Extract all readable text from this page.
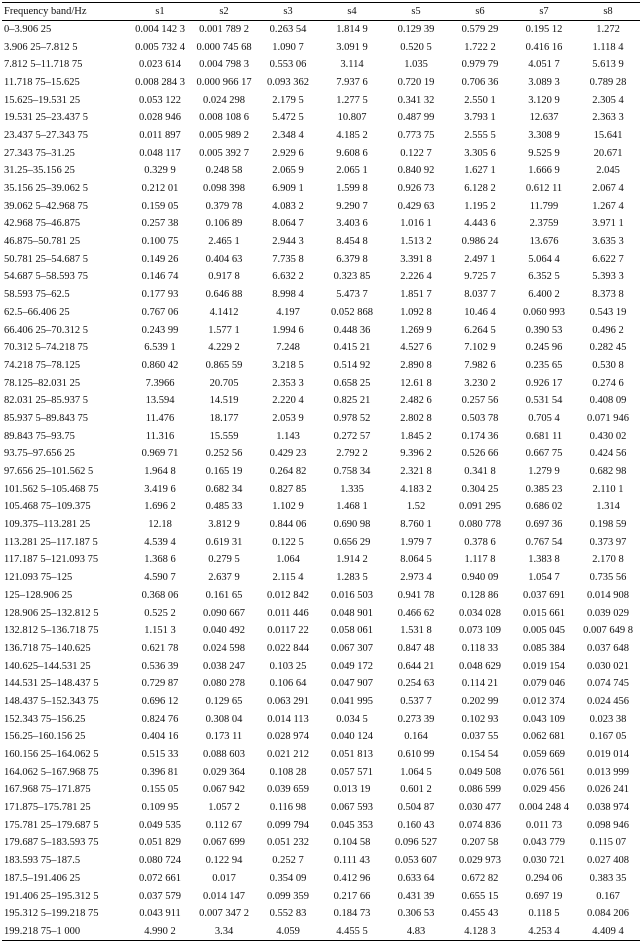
Frequency band/Hz	s1	s2	s3	s4	s5	s6	s7	s8
0–3.906 25	0.004 142 3	0.001 789 2	0.263 54	1.814 9	0.129 39	0.579 29	0.195 12	1.272
3.906 25–7.812 5	0.005 732 4	0.000 745 68	1.090 7	3.091 9	0.520 5	1.722 2	0.416 16	1.118 4
7.812 5–11.718 75	0.023 614	0.004 798 3	0.553 06	3.114	1.035	0.979 79	4.051 7	5.613 9
11.718 75–15.625	0.008 284 3	0.000 966 17	0.093 362	7.937 6	0.720 19	0.706 36	3.089 3	0.789 28
15.625–19.531 25	0.053 122	0.024 298	2.179 5	1.277 5	0.341 32	2.550 1	3.120 9	2.305 4
19.531 25–23.437 5	0.028 946	0.008 108 6	5.472 5	10.807	0.487 99	3.793 1	12.637	2.363 3
23.437 5–27.343 75	0.011 897	0.005 989 2	2.348 4	4.185 2	0.773 75	2.555 5	3.308 9	15.641
27.343 75–31.25	0.048 117	0.005 392 7	2.929 6	9.608 6	0.122 7	3.305 6	9.525 9	20.671
31.25–35.156 25	0.329 9	0.248 58	2.065 9	2.065 1	0.840 92	1.627 1	1.666 9	2.045
35.156 25–39.062 5	0.212 01	0.098 398	6.909 1	1.599 8	0.926 73	6.128 2	0.612 11	2.067 4
39.062 5–42.968 75	0.159 05	0.379 78	4.083 2	9.290 7	0.429 63	1.195 2	11.799	1.267 4
42.968 75–46.875	0.257 38	0.106 89	8.064 7	3.403 6	1.016 1	4.443 6	2.3759	3.971 1
46.875–50.781 25	0.100 75	2.465 1	2.944 3	8.454 8	1.513 2	0.986 24	13.676	3.635 3
50.781 25–54.687 5	0.149 26	0.404 63	7.735 8	6.379 8	3.391 8	2.497 1	5.064 4	6.622 7
54.687 5–58.593 75	0.146 74	0.917 8	6.632 2	0.323 85	2.226 4	9.725 7	6.352 5	5.393 3
58.593 75–62.5	0.177 93	0.646 88	8.998 4	5.473 7	1.851 7	8.037 7	6.400 2	8.373 8
62.5–66.406 25	0.767 06	4.1412	4.197	0.052 868	1.092 8	10.46 4	0.060 993	0.543 19
66.406 25–70.312 5	0.243 99	1.577 1	1.994 6	0.448 36	1.269 9	6.264 5	0.390 53	0.496 2
70.312 5–74.218 75	6.539 1	4.229 2	7.248	0.415 21	4.527 6	7.102 9	0.245 96	0.282 45
74.218 75–78.125	0.860 42	0.865 59	3.218 5	0.514 92	2.890 8	7.982 6	0.235 65	0.530 8
78.125–82.031 25	7.3966	20.705	2.353 3	0.658 25	12.61 8	3.230 2	0.926 17	0.274 6
82.031 25–85.937 5	13.594	14.519	2.220 4	0.825 21	2.482 6	0.257 56	0.531 54	0.408 09
85.937 5–89.843 75	11.476	18.177	2.053 9	0.978 52	2.802 8	0.503 78	0.705 4	0.071 946
89.843 75–93.75	11.316	15.559	1.143	0.272 57	1.845 2	0.174 36	0.681 11	0.430 02
93.75–97.656 25	0.969 71	0.252 56	0.429 23	2.792 2	9.396 2	0.526 66	0.667 75	0.424 56
97.656 25–101.562 5	1.964 8	0.165 19	0.264 82	0.758 34	2.321 8	0.341 8	1.279 9	0.682 98
101.562 5–105.468 75	3.419 6	0.682 34	0.827 85	1.335	4.183 2	0.304 25	0.385 23	2.110 1
105.468 75–109.375	1.696 2	0.485 33	1.102 9	1.468 1	1.52	0.091 295	0.686 02	1.314
109.375–113.281 25	12.18	3.812 9	0.844 06	0.690 98	8.760 1	0.080 778	0.697 36	0.198 59
113.281 25–117.187 5	4.539 4	0.619 31	0.122 5	0.656 29	1.979 7	0.378 6	0.767 54	0.373 97
117.187 5–121.093 75	1.368 6	0.279 5	1.064	1.914 2	8.064 5	1.117 8	1.383 8	2.170 8
121.093 75–125	4.590 7	2.637 9	2.115 4	1.283 5	2.973 4	0.940 09	1.054 7	0.735 56
125–128.906 25	0.368 06	0.161 65	0.012 842	0.016 503	0.941 78	0.128 86	0.037 691	0.014 908
128.906 25–132.812 5	0.525 2	0.090 667	0.011 446	0.048 901	0.466 62	0.034 028	0.015 661	0.039 029
132.812 5–136.718 75	1.151 3	0.040 492	0.0117 22	0.058 061	1.531 8	0.073 109	0.005 045	0.007 649 8
136.718 75–140.625	0.621 78	0.024 598	0.022 844	0.067 307	0.847 48	0.118 33	0.085 384	0.037 648
140.625–144.531 25	0.536 39	0.038 247	0.103 25	0.049 172	0.644 21	0.048 629	0.019 154	0.030 021
144.531 25–148.437 5	0.729 87	0.080 278	0.106 64	0.047 907	0.254 63	0.114 21	0.079 046	0.074 745
148.437 5–152.343 75	0.696 12	0.129 65	0.063 291	0.041 995	0.537 7	0.202 99	0.012 374	0.024 456
152.343 75–156.25	0.824 76	0.308 04	0.014 113	0.034 5	0.273 39	0.102 93	0.043 109	0.023 38
156.25–160.156 25	0.404 16	0.173 11	0.028 974	0.040 124	0.164	0.037 55	0.062 681	0.167 05
160.156 25–164.062 5	0.515 33	0.088 603	0.021 212	0.051 813	0.610 99	0.154 54	0.059 669	0.019 014
164.062 5–167.968 75	0.396 81	0.029 364	0.108 28	0.057 571	1.064 5	0.049 508	0.076 561	0.013 999
167.968 75–171.875	0.155 05	0.067 942	0.039 659	0.013 19	0.601 2	0.086 599	0.029 456	0.026 241
171.875–175.781 25	0.109 95	1.057 2	0.116 98	0.067 593	0.504 87	0.030 477	0.004 248 4	0.038 974
175.781 25–179.687 5	0.049 535	0.112 67	0.099 794	0.045 353	0.160 43	0.074 836	0.011 73	0.098 946
179.687 5–183.593 75	0.051 829	0.067 699	0.051 232	0.104 58	0.096 527	0.207 58	0.043 779	0.115 07
183.593 75–187.5	0.080 724	0.122 94	0.252 7	0.111 43	0.053 607	0.029 973	0.030 721	0.027 408
187.5–191.406 25	0.072 661	0.017	0.354 09	0.412 96	0.633 64	0.672 82	0.294 06	0.383 35
191.406 25–195.312 5	0.037 579	0.014 147	0.099 359	0.217 66	0.431 39	0.655 15	0.697 19	0.167
195.312 5–199.218 75	0.043 911	0.007 347 2	0.552 83	0.184 73	0.306 53	0.455 43	0.118 5	0.084 206
199.218 75–1 000	4.990 2	3.34	4.059	4.455 5	4.83	4.128 3	4.253 4	4.409 4
